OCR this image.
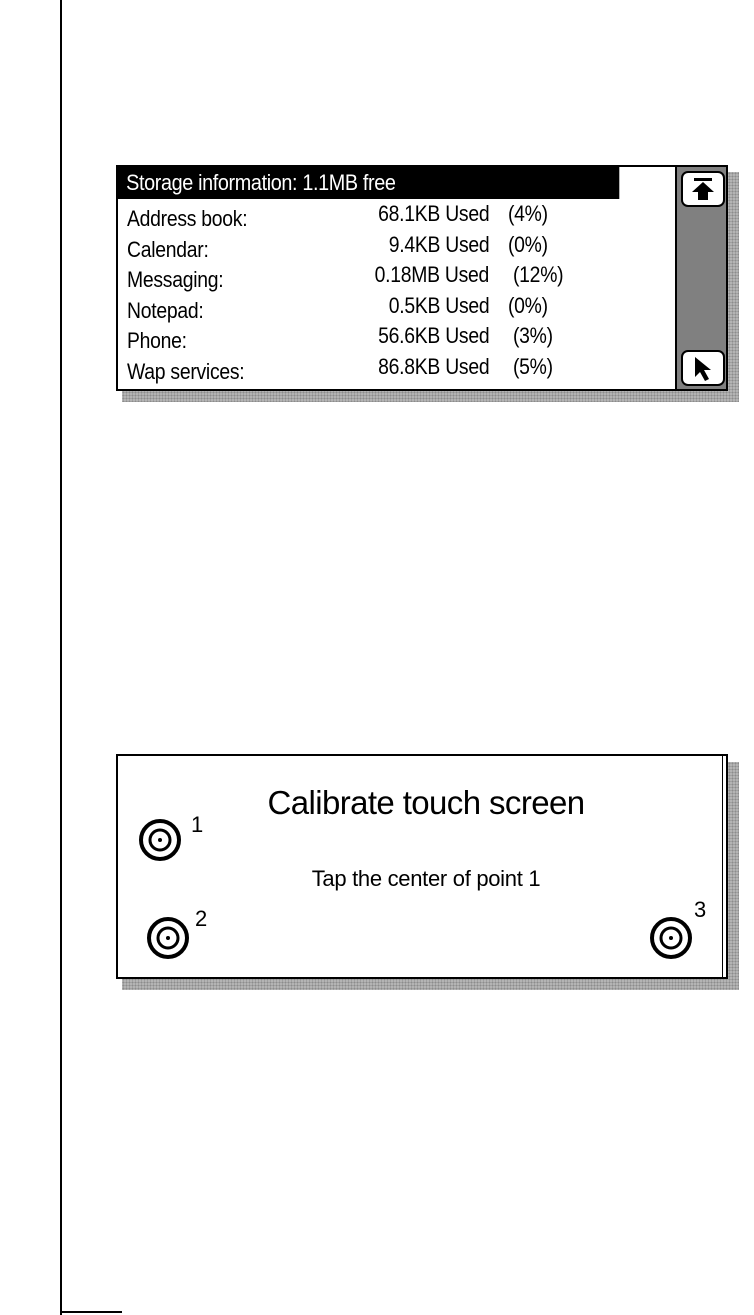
Storage information: 1.1MB free
Address book:	68.1KB Used (4%)
Calendar:	9.4KB Used (0%)
Messaging:	0.18MB Used (12%)
Notepad:	0.5KB Used (0%)
Phone:	56.6KB Used (3%)
Wap services:	86.8KB Used (5%)
Calibrate touch screen
Tap the center of point 1
1
2	3
